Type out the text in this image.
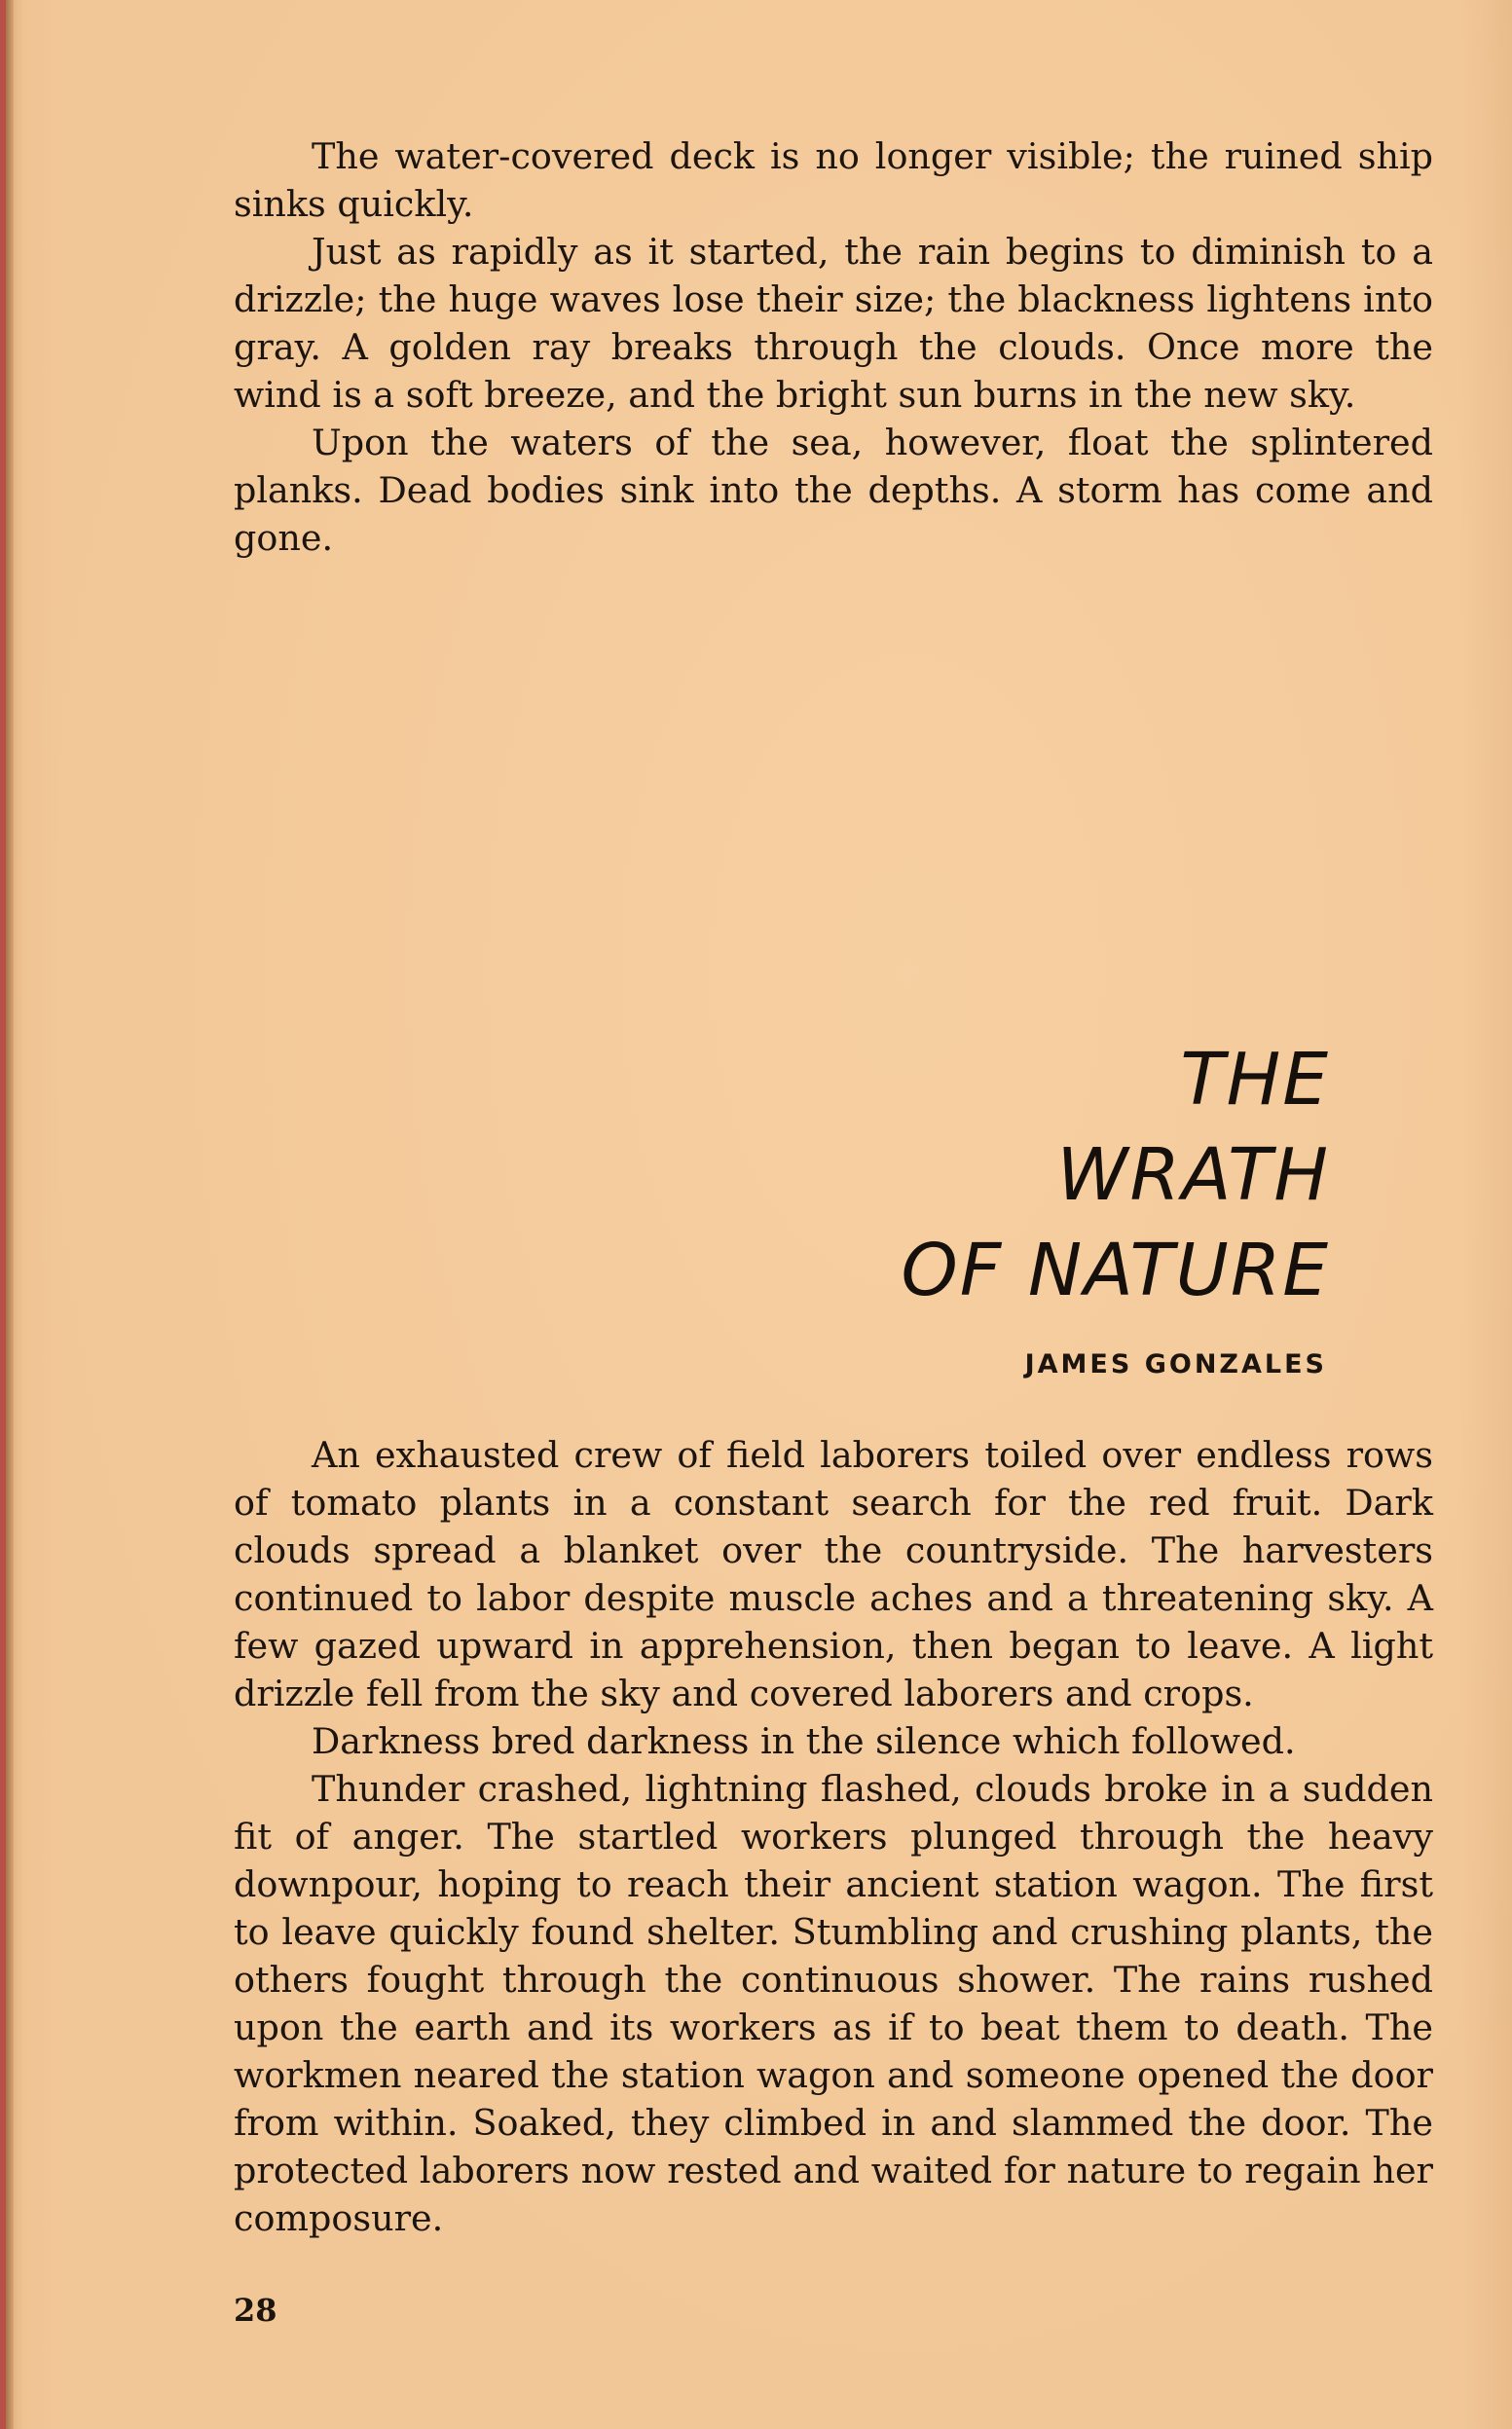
The water-covered deck is no longer visible; the ruined ship sinks quickly.

Just as rapidly as it started, the rain begins to diminish to a drizzle; the huge waves lose their size; the blackness lightens into gray. A golden ray breaks through the clouds. Once more the wind is a soft breeze, and the bright sun burns in the new sky.

Upon the waters of the sea, however, float the splintered planks. Dead bodies sink into the depths. A storm has come and gone.

THE
WRATH
OF NATURE
JAMES GONZALES

An exhausted crew of field laborers toiled over endless rows of tomato plants in a constant search for the red fruit. Dark clouds spread a blanket over the countryside. The harvesters continued to labor despite muscle aches and a threatening sky. A few gazed upward in apprehension, then began to leave. A light drizzle fell from the sky and covered laborers and crops.

Darkness bred darkness in the silence which followed.

Thunder crashed, lightning flashed, clouds broke in a sudden fit of anger. The startled workers plunged through the heavy downpour, hoping to reach their ancient station wagon. The first to leave quickly found shelter. Stumbling and crushing plants, the others fought through the continuous shower. The rains rushed upon the earth and its workers as if to beat them to death. The workmen neared the station wagon and someone opened the door from within. Soaked, they climbed in and slammed the door. The protected laborers now rested and waited for nature to regain her composure.

28
